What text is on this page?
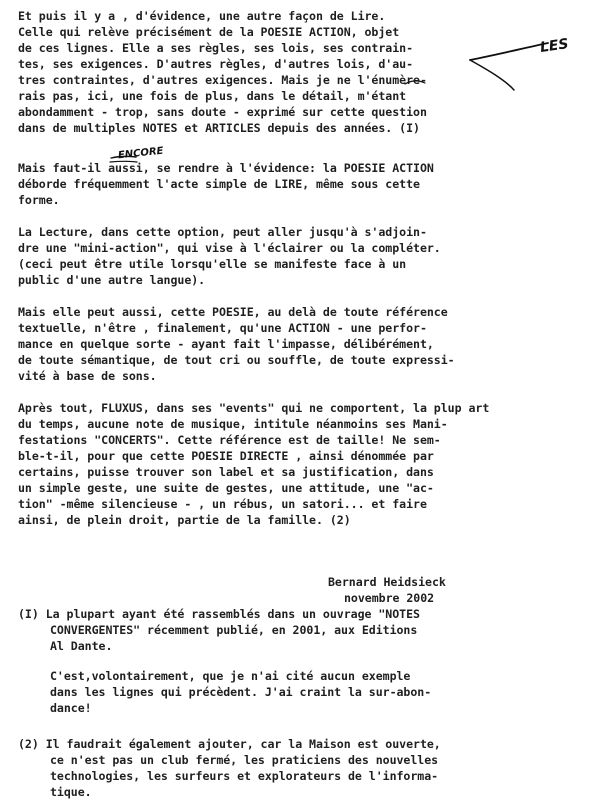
Et puis il y a , d'évidence, une autre façon de Lire.
Celle qui relève précisément de la POESIE ACTION, objet
de ces lignes. Elle a ses règles, ses lois, ses contrain-
tes, ses exigences. D'autres règles, d'autres lois, d'au-
tres contraintes, d'autres exigences. Mais je ne l'énumère-
rais pas, ici, une fois de plus, dans le détail, m'étant
abondamment - trop, sans doute - exprimé sur cette question
dans de multiples NOTES et ARTICLES depuis des années. (I)
Mais faut-il aussi, se rendre à l'évidence: la POESIE ACTION
déborde fréquemment l'acte simple de LIRE, même sous cette
forme.
La Lecture, dans cette option, peut aller jusqu'à s'adjoin-
dre une "mini-action", qui vise à l'éclairer ou la compléter.
(ceci peut être utile lorsqu'elle se manifeste face à un
public d'une autre langue).
Mais elle peut aussi, cette POESIE, au delà de toute référence
textuelle, n'être , finalement, qu'une ACTION - une perfor-
mance en quelque sorte - ayant fait l'impasse, délibérément,
de toute sémantique, de tout cri ou souffle, de toute expressi-
vité à base de sons.
Après tout, FLUXUS, dans ses "events" qui ne comportent, la plup art
du temps, aucune note de musique, intitule néanmoins ses Mani-
festations "CONCERTS". Cette référence est de taille! Ne sem-
ble-t-il, pour que cette POESIE DIRECTE , ainsi dénommée par
certains, puisse trouver son label et sa justification, dans
un simple geste, une suite de gestes, une attitude, une "ac-
tion" -même silencieuse - , un rébus, un satori... et faire
ainsi, de plein droit, partie de la famille. (2)
Bernard Heidsieck
novembre 2002
(I) La plupart ayant été rassemblés dans un ouvrage "NOTES
CONVERGENTES" récemment publié, en 2001, aux Editions
Al Dante.
C'est,volontairement, que je n'ai cité aucun exemple
dans les lignes qui précèdent. J'ai craint la sur-abon-
dance!
(2) Il faudrait également ajouter, car la Maison est ouverte,
ce n'est pas un club fermé, les praticiens des nouvelles
technologies, les surfeurs et explorateurs de l'informa-
tique.
LES
ENCORE
